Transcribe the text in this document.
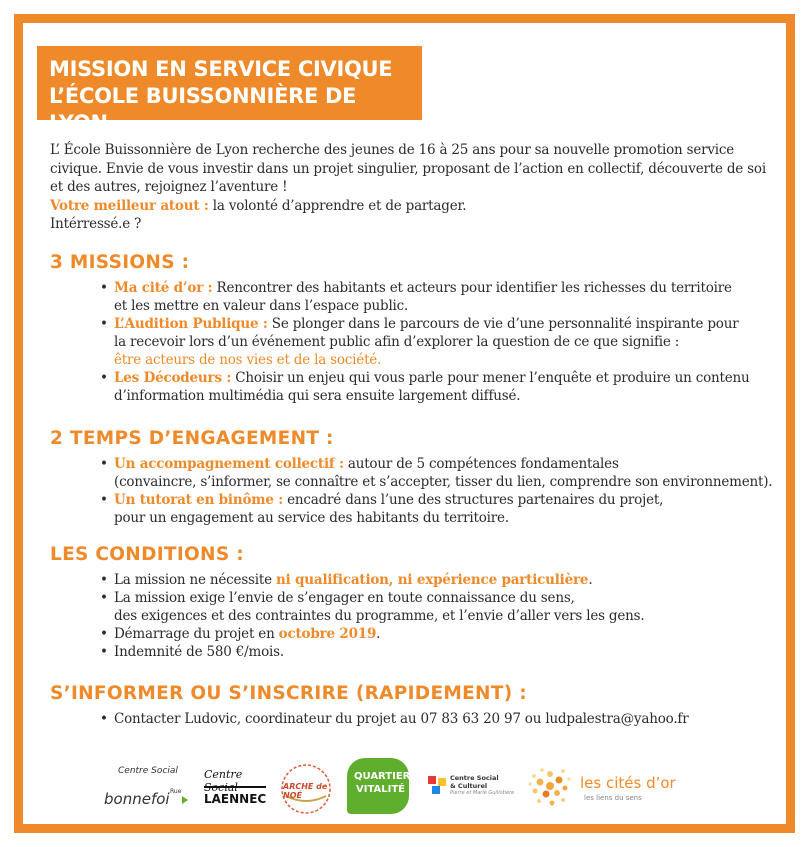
MISSION EN SERVICE CIVIQUE
L’ÉCOLE BUISSONNIÈRE DE LYON
L’ École Buissonnière de Lyon recherche des jeunes de 16 à 25 ans pour sa nouvelle promotion service civique. Envie de vous investir dans un projet singulier, proposant de l’action en collectif, découverte de soi et des autres, rejoignez l’aventure !
Votre meilleur atout : la volonté d’apprendre et de partager.
Intérressé.e ?
3 MISSIONS :
• Ma cité d’or : Rencontrer des habitants et acteurs pour identifier les richesses du territoire
et les mettre en valeur dans l’espace public.
• L’Audition Publique : Se plonger dans le parcours de vie d’une personnalité inspirante pour
la recevoir lors d’un événement public afin d’explorer la question de ce que signifie :
être acteurs de nos vies et de la société.
• Les Décodeurs : Choisir un enjeu qui vous parle pour mener l’enquête et produire un contenu
d’information multimédia qui sera ensuite largement diffusé.
2 TEMPS D’ENGAGEMENT :
• Un accompagnement collectif : autour de 5 compétences fondamentales
(convaincre, s’informer, se connaître et s’accepter, tisser du lien, comprendre son environnement).
• Un tutorat en binôme : encadré dans l’une des structures partenaires du projet,
pour un engagement au service des habitants du territoire.
LES CONDITIONS :
• La mission ne nécessite ni qualification, ni expérience particulière.
• La mission exige l’envie de s’engager en toute connaissance du sens,
des exigences et des contraintes du programme, et l’envie d’aller vers les gens.
• Démarrage du projet en octobre 2019.
• Indemnité de 580 €/mois.
S’INFORMER OU S’INSCRIRE (RAPIDEMENT) :
• Contacter Ludovic, coordinateur du projet au 07 83 63 20 97 ou ludpalestra@yahoo.fr
Centre Social
Rue
bonnefoi
Centre
LAENNEC
ARCHE de NOÉ
QUARTIER
VITALITÉ
Centre Social
& Culturel
Pierre et Marie Guillotière
les cités d’or
les liens du sens
